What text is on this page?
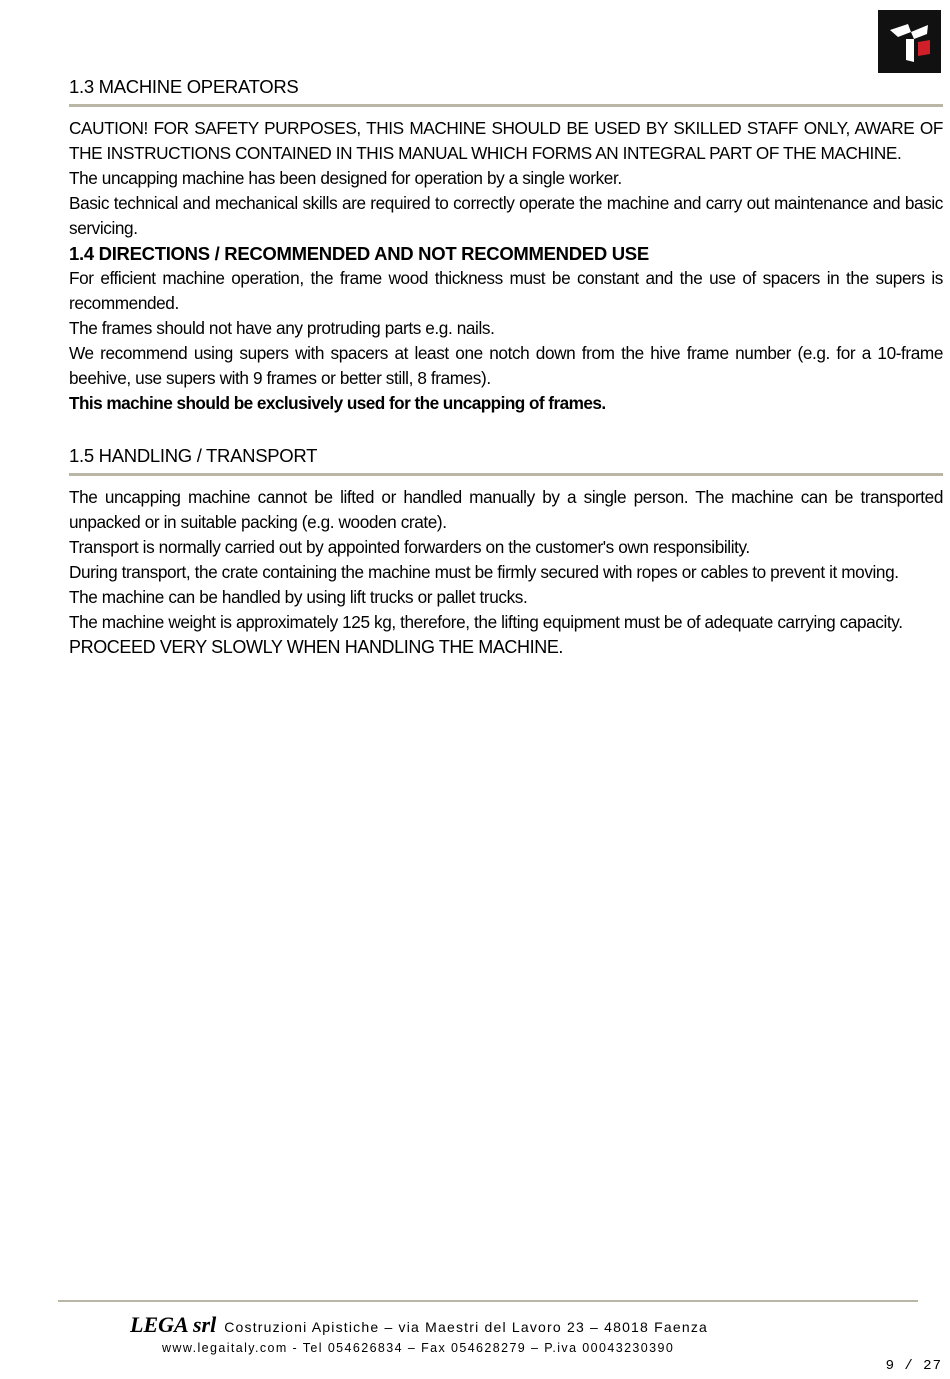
1.3 MACHINE OPERATORS

CAUTION! FOR SAFETY PURPOSES, THIS MACHINE SHOULD BE USED BY SKILLED STAFF ONLY, AWARE OF THE INSTRUCTIONS CONTAINED IN THIS MANUAL WHICH FORMS AN INTEGRAL PART OF THE MACHINE.

The uncapping machine has been designed for operation by a single worker.

Basic technical and mechanical skills are required to correctly operate the machine and carry out maintenance and basic servicing.

1.4 DIRECTIONS / RECOMMENDED AND NOT RECOMMENDED USE

For efficient machine operation, the frame wood thickness must be constant and the use of spacers in the supers is recommended.

The frames should not have any protruding parts e.g. nails.

We recommend using supers with spacers at least one notch down from the hive frame number (e.g. for a 10-frame beehive, use supers with 9 frames or better still, 8 frames).

This machine should be exclusively used for the uncapping of frames.

1.5 HANDLING / TRANSPORT

The uncapping machine cannot be lifted or handled manually by a single person. The machine can be transported unpacked or in suitable packing (e.g. wooden crate).

Transport is normally carried out by appointed forwarders on the customer's own responsibility.

During transport, the crate containing the machine must be firmly secured with ropes or cables to prevent it moving.

The machine can be handled by using lift trucks or pallet trucks.

The machine weight is approximately 125 kg, therefore, the lifting equipment must be of adequate carrying capacity.

PROCEED VERY SLOWLY WHEN HANDLING THE MACHINE.

LEGA srl Costruzioni Apistiche – via Maestri del Lavoro 23 – 48018 Faenza
www.legaitaly.com - Tel 054626834 – Fax 054628279 – P.iva 00043230390
9 / 27
